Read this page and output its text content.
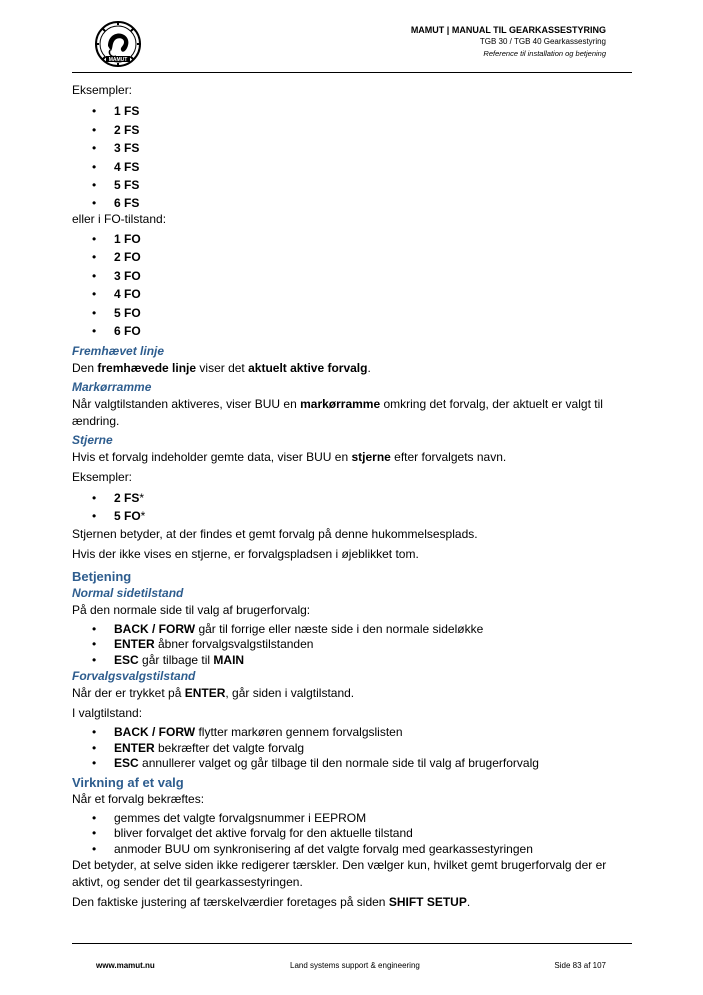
MAMUT
MAMUT | MANUAL TIL GEARKASSESTYRING
TGB 30 / TGB 40 Gearkassestyring
Reference til installation og betjening

Eksempler:

• 1 FS
• 2 FS
• 3 FS
• 4 FS
• 5 FS
• 6 FS

eller i FO-tilstand:

• 1 FO
• 2 FO
• 3 FO
• 4 FO
• 5 FO
• 6 FO
Fremhævet linje

Den fremhævede linje viser det aktuelt aktive forvalg.

Markørramme

Når valgtilstanden aktiveres, viser BUU en markørramme omkring det forvalg, der aktuelt er valgt til ændring.

Stjerne

Hvis et forvalg indeholder gemte data, viser BUU en stjerne efter forvalgets navn.

Eksempler:

• 2 FS*
• 5 FO*

Stjernen betyder, at der findes et gemt forvalg på denne hukommelsesplads.

Hvis der ikke vises en stjerne, er forvalgspladsen i øjeblikket tom.

Betjening
Normal sidetilstand

På den normale side til valg af brugerforvalg:

• BACK / FORW går til forrige eller næste side i den normale sideløkke
• ENTER åbner forvalgsvalgstilstanden
• ESC går tilbage til MAIN
Forvalgsvalgstilstand

Når der er trykket på ENTER, går siden i valgtilstand.

I valgtilstand:

• BACK / FORW flytter markøren gennem forvalgslisten
• ENTER bekræfter det valgte forvalg
• ESC annullerer valget og går tilbage til den normale side til valg af brugerforvalg
Virkning af et valg

Når et forvalg bekræftes:

• gemmes det valgte forvalgsnummer i EEPROM
• bliver forvalget det aktive forvalg for den aktuelle tilstand
• anmoder BUU om synkronisering af det valgte forvalg med gearkassestyringen

Det betyder, at selve siden ikke redigerer tærskler. Den vælger kun, hvilket gemt brugerforvalg der er aktivt, og sender det til gearkassestyringen.

Den faktiske justering af tærskelværdier foretages på siden SHIFT SETUP.

www.mamut.nu	Land systems support & engineering	Side 83 af 107
